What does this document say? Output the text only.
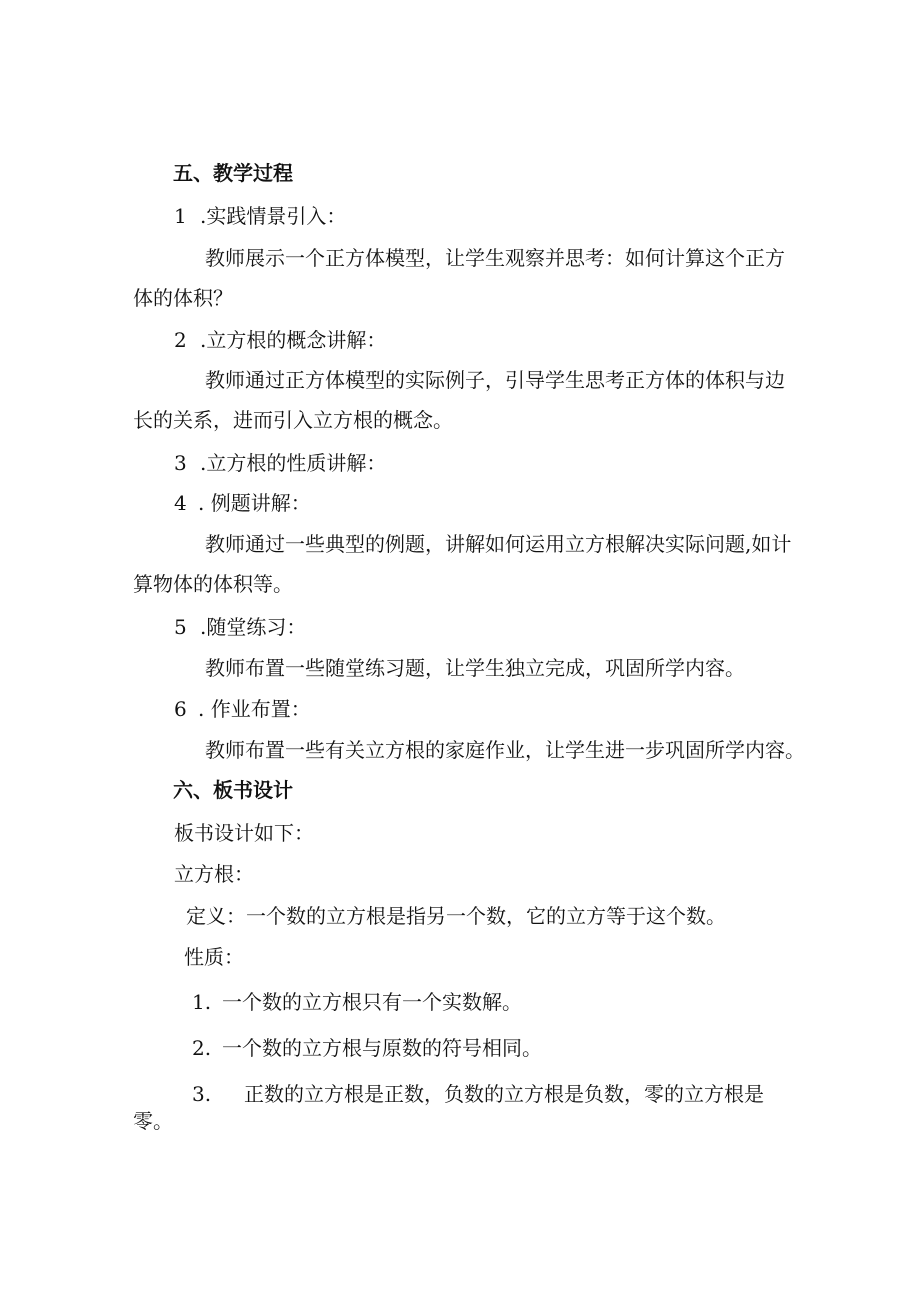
五、教学过程
1 .实践情景引入：
教师展示一个正方体模型，让学生观察并思考：如何计算这个正方
体的体积？
2 .立方根的概念讲解：
教师通过正方体模型的实际例子，引导学生思考正方体的体积与边
长的关系，进而引入立方根的概念。
3 .立方根的性质讲解：
4 . 例题讲解：
教师通过一些典型的例题，讲解如何运用立方根解决实际问题,如计
算物体的体积等。
5 .随堂练习：
教师布置一些随堂练习题，让学生独立完成，巩固所学内容。
6 . 作业布置：
教师布置一些有关立方根的家庭作业，让学生进一步巩固所学内容。
六、板书设计
板书设计如下：
立方根：
定义：一个数的立方根是指另一个数，它的立方等于这个数。
性质：
1. 一个数的立方根只有一个实数解。
2. 一个数的立方根与原数的符号相同。
3. 正数的立方根是正数，负数的立方根是负数，零的立方根是
零。
